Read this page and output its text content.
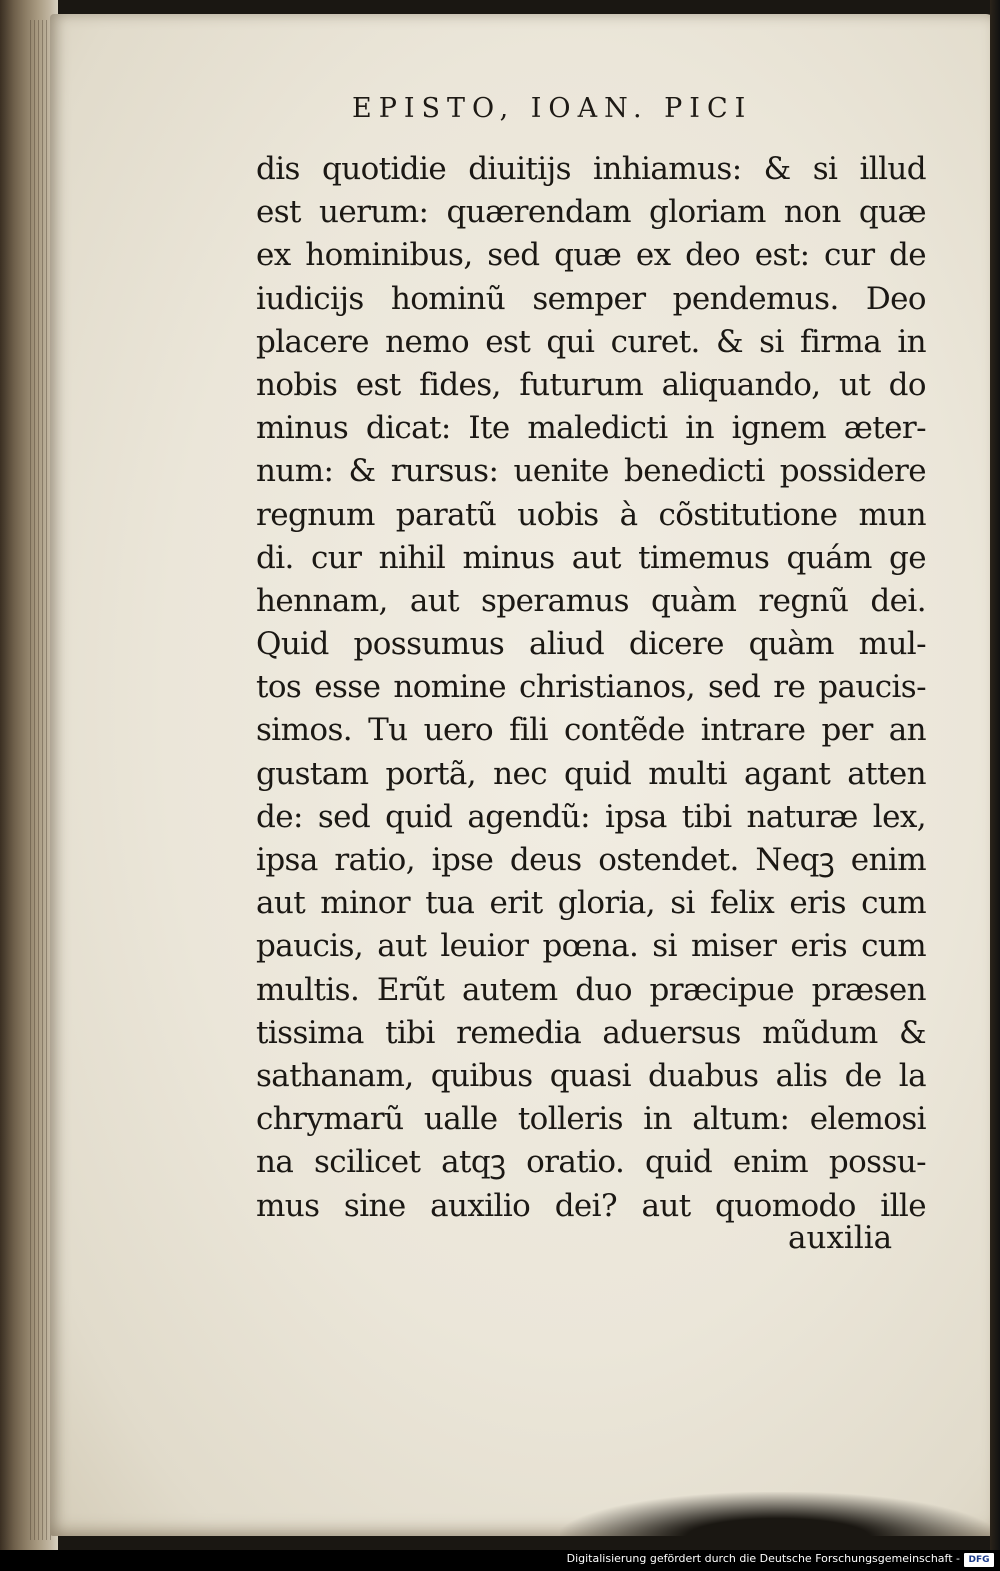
EPISTO, IOAN. PICI
dis quotidie diuitijs inhiamus: & si illud
est uerum: quærendam gloriam non quæ
ex hominibus, sed quæ ex deo est: cur de
iudicijs hominũ semper pendemus. Deo
placere nemo est qui curet. & si firma in
nobis est fides, futurum aliquando, ut do
minus dicat: Ite maledicti in ignem æter-
num: & rursus: uenite benedicti possidere
regnum paratũ uobis à cõstitutione mun
di. cur nihil minus aut timemus quám ge
hennam, aut speramus quàm regnũ dei.
Quid possumus aliud dicere quàm mul-
tos esse nomine christianos, sed re paucis-
simos. Tu uero fili contẽde intrare per an
gustam portã, nec quid multi agant atten
de: sed quid agendũ: ipsa tibi naturæ lex,
ipsa ratio, ipse deus ostendet. Neqꝫ enim
aut minor tua erit gloria, si felix eris cum
paucis, aut leuior pœna. si miser eris cum
multis. Erũt autem duo præcipue præsen
tissima tibi remedia aduersus mũdum &
sathanam, quibus quasi duabus alis de la
chrymarũ ualle tolleris in altum: elemosi
na scilicet atqꝫ oratio. quid enim possu-
mus sine auxilio dei? aut quomodo ille
auxilia
Digitalisierung gefördert durch die Deutsche Forschungsgemeinschaft - DFG
